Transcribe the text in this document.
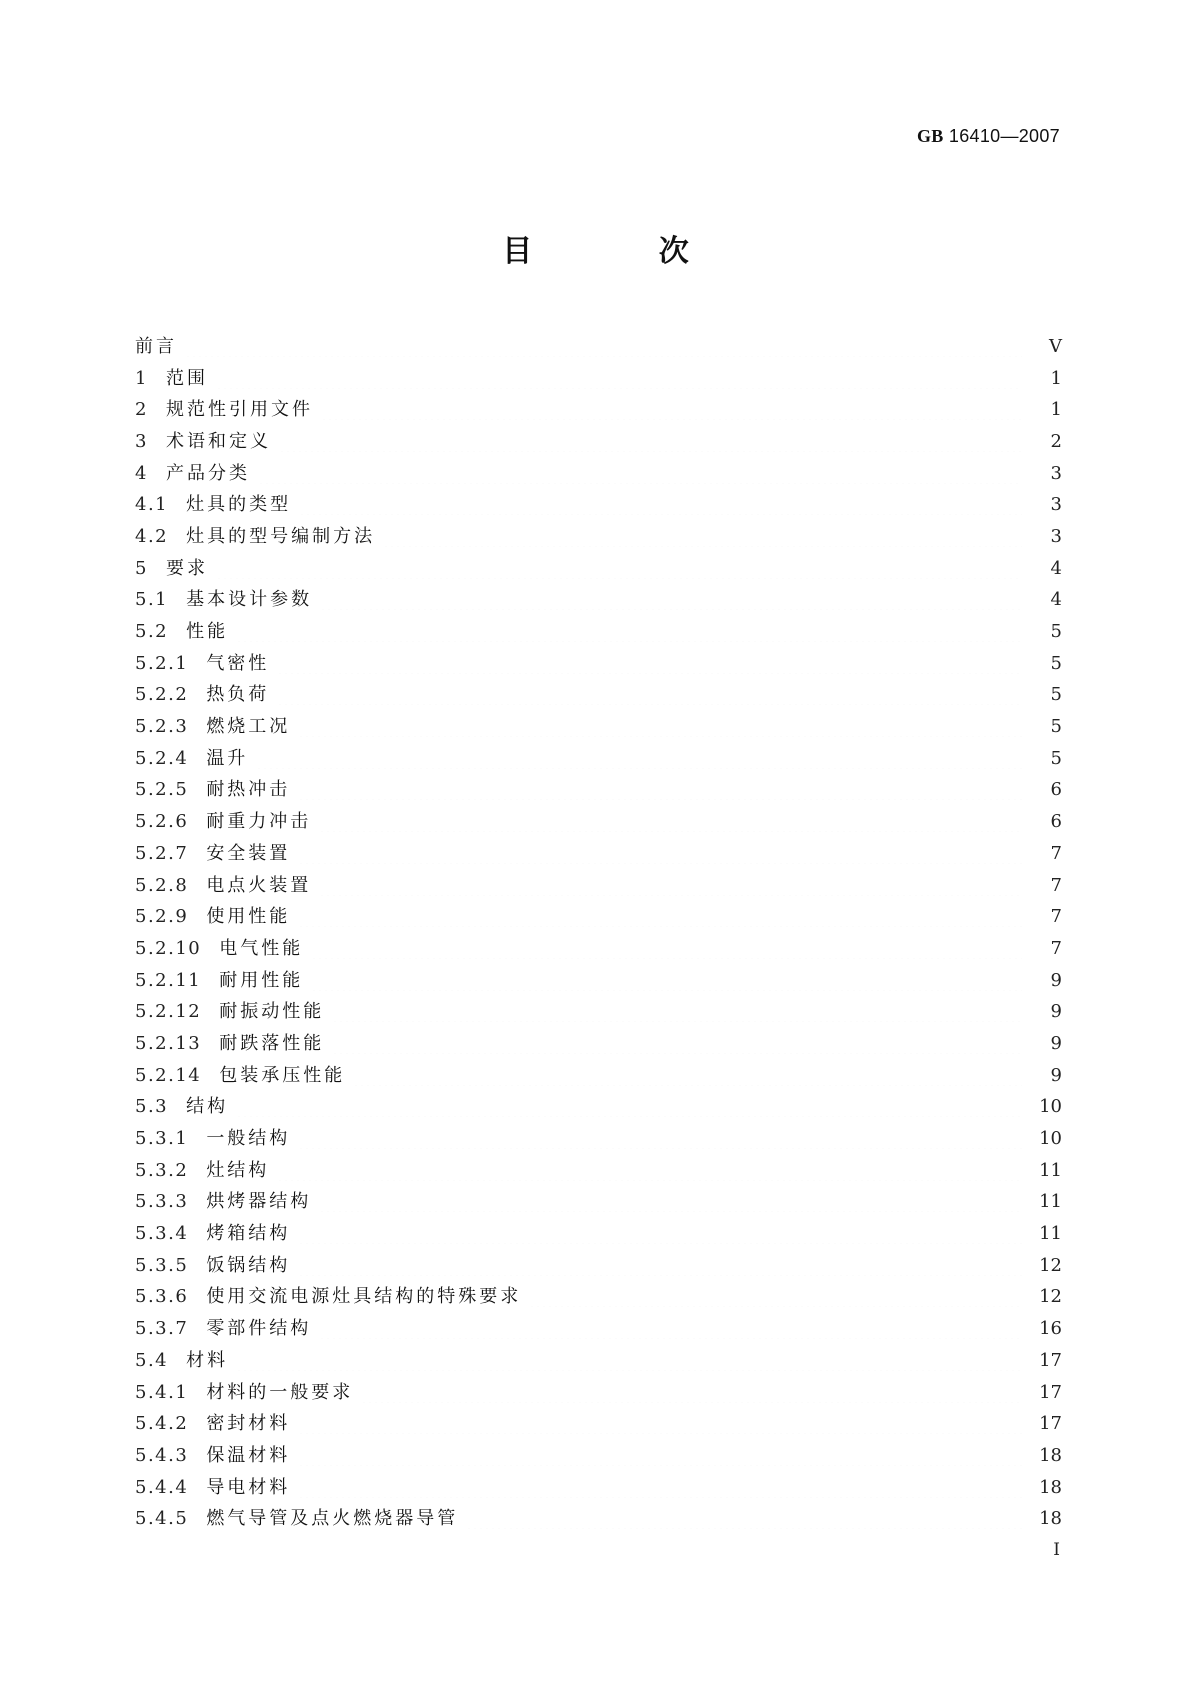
GB 16410—2007
目 次
前言	V
1	范围	1
2	规范性引用文件	1
3	术语和定义	2
4	产品分类	3
4.1	灶具的类型	3
4.2	灶具的型号编制方法	3
5	要求	4
5.1	基本设计参数	4
5.2	性能	5
5.2.1	气密性	5
5.2.2	热负荷	5
5.2.3	燃烧工况	5
5.2.4	温升	5
5.2.5	耐热冲击	6
5.2.6	耐重力冲击	6
5.2.7	安全装置	7
5.2.8	电点火装置	7
5.2.9	使用性能	7
5.2.10	电气性能	7
5.2.11	耐用性能	9
5.2.12	耐振动性能	9
5.2.13	耐跌落性能	9
5.2.14	包装承压性能	9
5.3	结构	10
5.3.1	一般结构	10
5.3.2	灶结构	11
5.3.3	烘烤器结构	11
5.3.4	烤箱结构	11
5.3.5	饭锅结构	12
5.3.6	使用交流电源灶具结构的特殊要求	12
5.3.7	零部件结构	16
5.4	材料	17
5.4.1	材料的一般要求	17
5.4.2	密封材料	17
5.4.3	保温材料	18
5.4.4	导电材料	18
5.4.5	燃气导管及点火燃烧器导管	18
I
